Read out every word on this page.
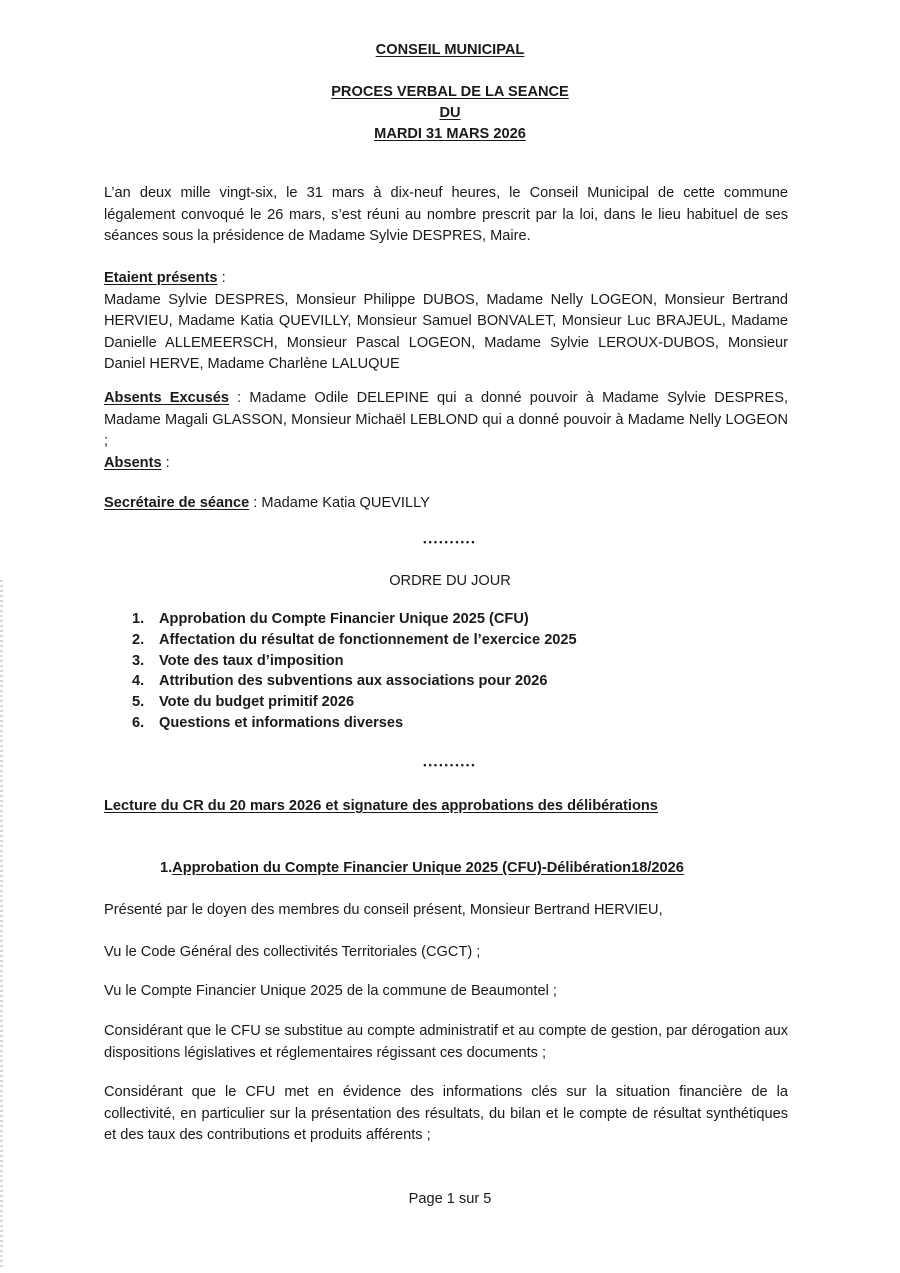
CONSEIL MUNICIPAL
PROCES VERBAL DE LA SEANCE
DU
MARDI 31 MARS 2026

L’an deux mille vingt-six, le 31 mars à dix-neuf heures, le Conseil Municipal de cette commune légalement convoqué le 26 mars, s’est réuni au nombre prescrit par la loi, dans le lieu habituel de ses séances sous la présidence de Madame Sylvie DESPRES, Maire.

Etaient présents :

Madame Sylvie DESPRES, Monsieur Philippe DUBOS, Madame Nelly LOGEON, Monsieur Bertrand HERVIEU, Madame Katia QUEVILLY, Monsieur Samuel BONVALET, Monsieur Luc BRAJEUL, Madame Danielle ALLEMEERSCH, Monsieur Pascal LOGEON, Madame Sylvie LEROUX-DUBOS, Monsieur Daniel HERVE, Madame Charlène LALUQUE

Absents Excusés : Madame Odile DELEPINE qui a donné pouvoir à Madame Sylvie DESPRES, Madame Magali GLASSON, Monsieur Michaël LEBLOND qui a donné pouvoir à Madame Nelly LOGEON ;

Absents :

Secrétaire de séance : Madame Katia QUEVILLY

••••••••••
ORDRE DU JOUR
1. Approbation du Compte Financier Unique 2025 (CFU)
2. Affectation du résultat de fonctionnement de l’exercice 2025
3. Vote des taux d’imposition
4. Attribution des subventions aux associations pour 2026
5. Vote du budget primitif 2026
6. Questions et informations diverses
••••••••••
Lecture du CR du 20 mars 2026 et signature des approbations des délibérations
1.Approbation du Compte Financier Unique 2025 (CFU)-Délibération18/2026
Présenté par le doyen des membres du conseil présent, Monsieur Bertrand HERVIEU,
Vu le Code Général des collectivités Territoriales (CGCT) ;
Vu le Compte Financier Unique 2025 de la commune de Beaumontel ;

Considérant que le CFU se substitue au compte administratif et au compte de gestion, par dérogation aux dispositions législatives et réglementaires régissant ces documents ;

Considérant que le CFU met en évidence des informations clés sur la situation financière de la collectivité, en particulier sur la présentation des résultats, du bilan et le compte de résultat synthétiques et des taux des contributions et produits afférents ;

Page 1 sur 5
